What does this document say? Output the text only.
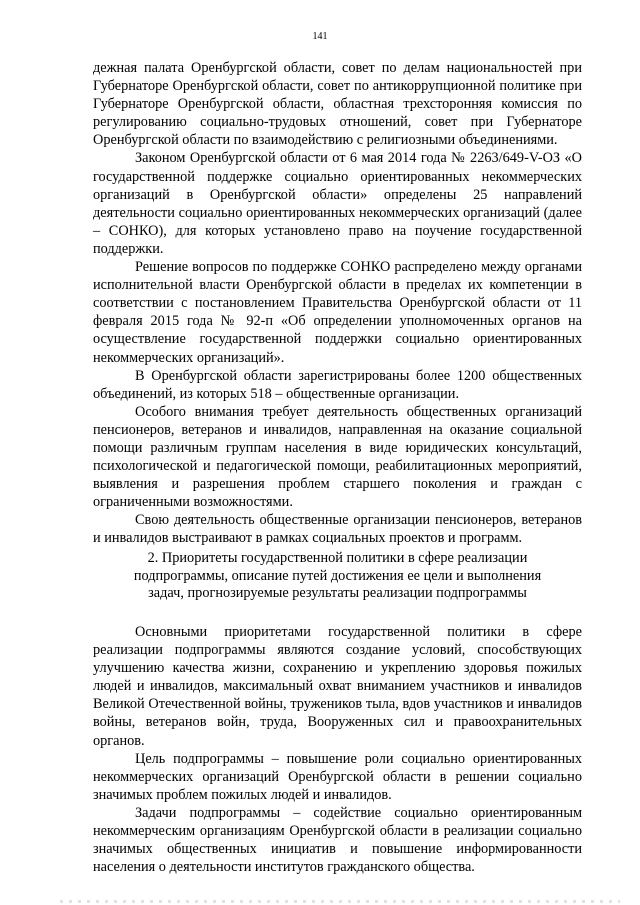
141

дежная палата Оренбургской области, совет по делам национальностей при Губернаторе Оренбургской области, совет по антикоррупционной политике при Губернаторе Оренбургской области, областная трехсторонняя комиссия по регулированию социально-трудовых отношений, совет при Губернаторе Оренбургской области по взаимодействию с религиозными объединениями.

Законом Оренбургской области от 6 мая 2014 года № 2263/649-V-ОЗ «О государственной поддержке социально ориентированных некоммерческих организаций в Оренбургской области» определены 25 направлений деятельности социально ориентированных некоммерческих организаций (далее – СОНКО), для которых установлено право на поучение государственной поддержки.

Решение вопросов по поддержке СОНКО распределено между органами исполнительной власти Оренбургской области в пределах их компетенции в соответствии с постановлением Правительства Оренбургской области от 11 февраля 2015 года № 92-п «Об определении уполномоченных органов на осуществление государственной поддержки социально ориентированных некоммерческих организаций».

В Оренбургской области зарегистрированы более 1200 общественных объединений, из которых 518 – общественные организации.

Особого внимания требует деятельность общественных организаций пенсионеров, ветеранов и инвалидов, направленная на оказание социальной помощи различным группам населения в виде юридических консультаций, психологической и педагогической помощи, реабилитационных мероприятий, выявления и разрешения проблем старшего поколения и граждан с ограниченными возможностями.

Свою деятельность общественные организации пенсионеров, ветеранов и инвалидов выстраивают в рамках социальных проектов и программ.

2. Приоритеты государственной политики в сфере реализации
подпрограммы, описание путей достижения ее цели и выполнения
задач, прогнозируемые результаты реализации подпрограммы

Основными приоритетами государственной политики в сфере реализации подпрограммы являются создание условий, способствующих улучшению качества жизни, сохранению и укреплению здоровья пожилых людей и инвалидов, максимальный охват вниманием участников и инвалидов Великой Отечественной войны, тружеников тыла, вдов участников и инвалидов войны, ветеранов войн, труда, Вооруженных сил и правоохранительных органов.

Цель подпрограммы – повышение роли социально ориентированных некоммерческих организаций Оренбургской области в решении социально значимых проблем пожилых людей и инвалидов.

Задачи подпрограммы – содействие социально ориентированным некоммерческим организациям Оренбургской области в реализации социально значимых общественных инициатив и повышение информированности населения о деятельности институтов гражданского общества.
